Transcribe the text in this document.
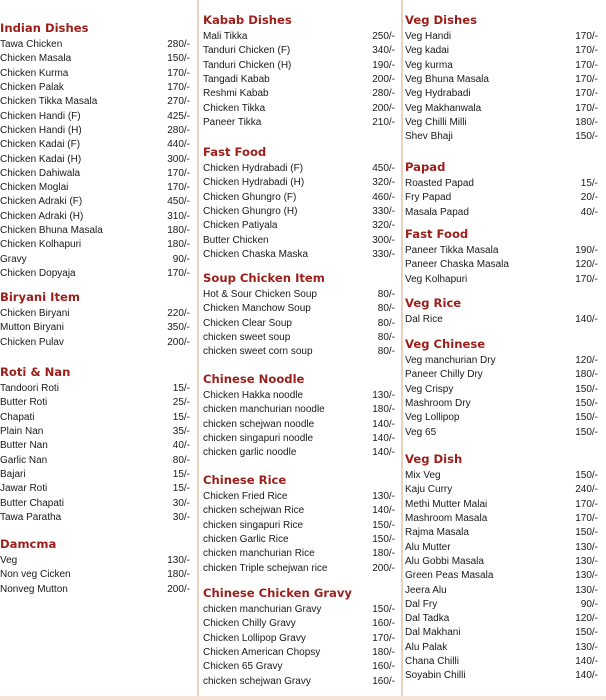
Indian Dishes
Tawa Chicken	280/-
Chicken Masala	150/-
Chicken Kurma	170/-
Chicken Palak	170/-
Chicken Tikka Masala	270/-
Chicken Handi (F)	425/-
Chicken Handi (H)	280/-
Chicken Kadai (F)	440/-
Chicken Kadai (H)	300/-
Chicken Dahiwala	170/-
Chicken Moglai	170/-
Chicken Adraki (F)	450/-
Chicken Adraki (H)	310/-
Chicken Bhuna Masala	180/-
Chicken Kolhapuri	180/-
Gravy	90/-
Chicken Dopyaja	170/-
Biryani Item
Chicken Biryani	220/-
Mutton Biryani	350/-
Chicken Pulav	200/-
Roti & Nan
Tandoori Roti	15/-
Butter Roti	25/-
Chapati	15/-
Plain Nan	35/-
Butter Nan	40/-
Garlic Nan	80/-
Bajari	15/-
Jawar Roti	15/-
Butter Chapati	30/-
Tawa Paratha	30/-
Damcma
Veg	130/-
Non veg Cicken	180/-
Nonveg Mutton	200/-
Kabab Dishes
Mali Tikka	250/-
Tanduri Chicken (F)	340/-
Tanduri Chicken (H)	190/-
Tangadi Kabab	200/-
Reshmi Kabab	280/-
Chicken Tikka	200/-
Paneer Tikka	210/-
Fast Food
Chicken Hydrabadi (F)	450/-
Chicken Hydrabadi (H)	320/-
Chicken Ghungro (F)	460/-
Chicken Ghungro (H)	330/-
Chicken Patiyala	320/-
Butter Chicken	300/-
Chicken Chaska Maska	330/-
Soup Chicken Item
Hot & Sour Chicken Soup	80/-
Chicken Manchow Soup	80/-
Chicken Clear Soup	80/-
chicken sweet soup	80/-
chicken sweet corn soup	80/-
Chinese Noodle
Chicken Hakka noodle	130/-
chicken manchurian noodle	180/-
chicken schejwan noodle	140/-
chicken singapuri noodle	140/-
chicken garlic noodle	140/-
Chinese Rice
Chicken Fried Rice	130/-
chicken schejwan Rice	140/-
chicken singapuri Rice	150/-
chicken Garlic Rice	150/-
chicken manchurian Rice	180/-
chicken Triple schejwan rice	200/-
Chinese Chicken Gravy
chicken manchurian Gravy	150/-
Chicken Chilly Gravy	160/-
Chicken Lollipop Gravy	170/-
Chicken American Chopsy	180/-
Chicken 65 Gravy	160/-
chicken schejwan Gravy	160/-
Veg Dishes
Veg Handi	170/-
Veg kadai	170/-
Veg kurma	170/-
Veg Bhuna Masala	170/-
Veg Hydrabadi	170/-
Veg Makhanwala	170/-
Veg Chilli Milli	180/-
Shev Bhaji	150/-
Papad
Roasted Papad	15/-
Fry Papad	20/-
Masala Papad	40/-
Fast Food
Paneer Tikka Masala	190/-
Paneer Chaska Masala	120/-
Veg Kolhapuri	170/-
Veg Rice
Dal Rice	140/-
Veg Chinese
Veg manchurian Dry	120/-
Paneer Chilly Dry	180/-
Veg Crispy	150/-
Mashroom Dry	150/-
Veg Lollipop	150/-
Veg 65	150/-
Veg Dish
Mix Veg	150/-
Kaju Curry	240/-
Methi Mutter Malai	170/-
Mashroom Masala	170/-
Rajma Masala	150/-
Alu Mutter	130/-
Alu Gobbi Masala	130/-
Green Peas Masala	130/-
Jeera Alu	130/-
Dal Fry	90/-
Dal Tadka	120/-
Dal Makhani	150/-
Alu Palak	130/-
Chana Chilli	140/-
Soyabin Chilli	140/-
